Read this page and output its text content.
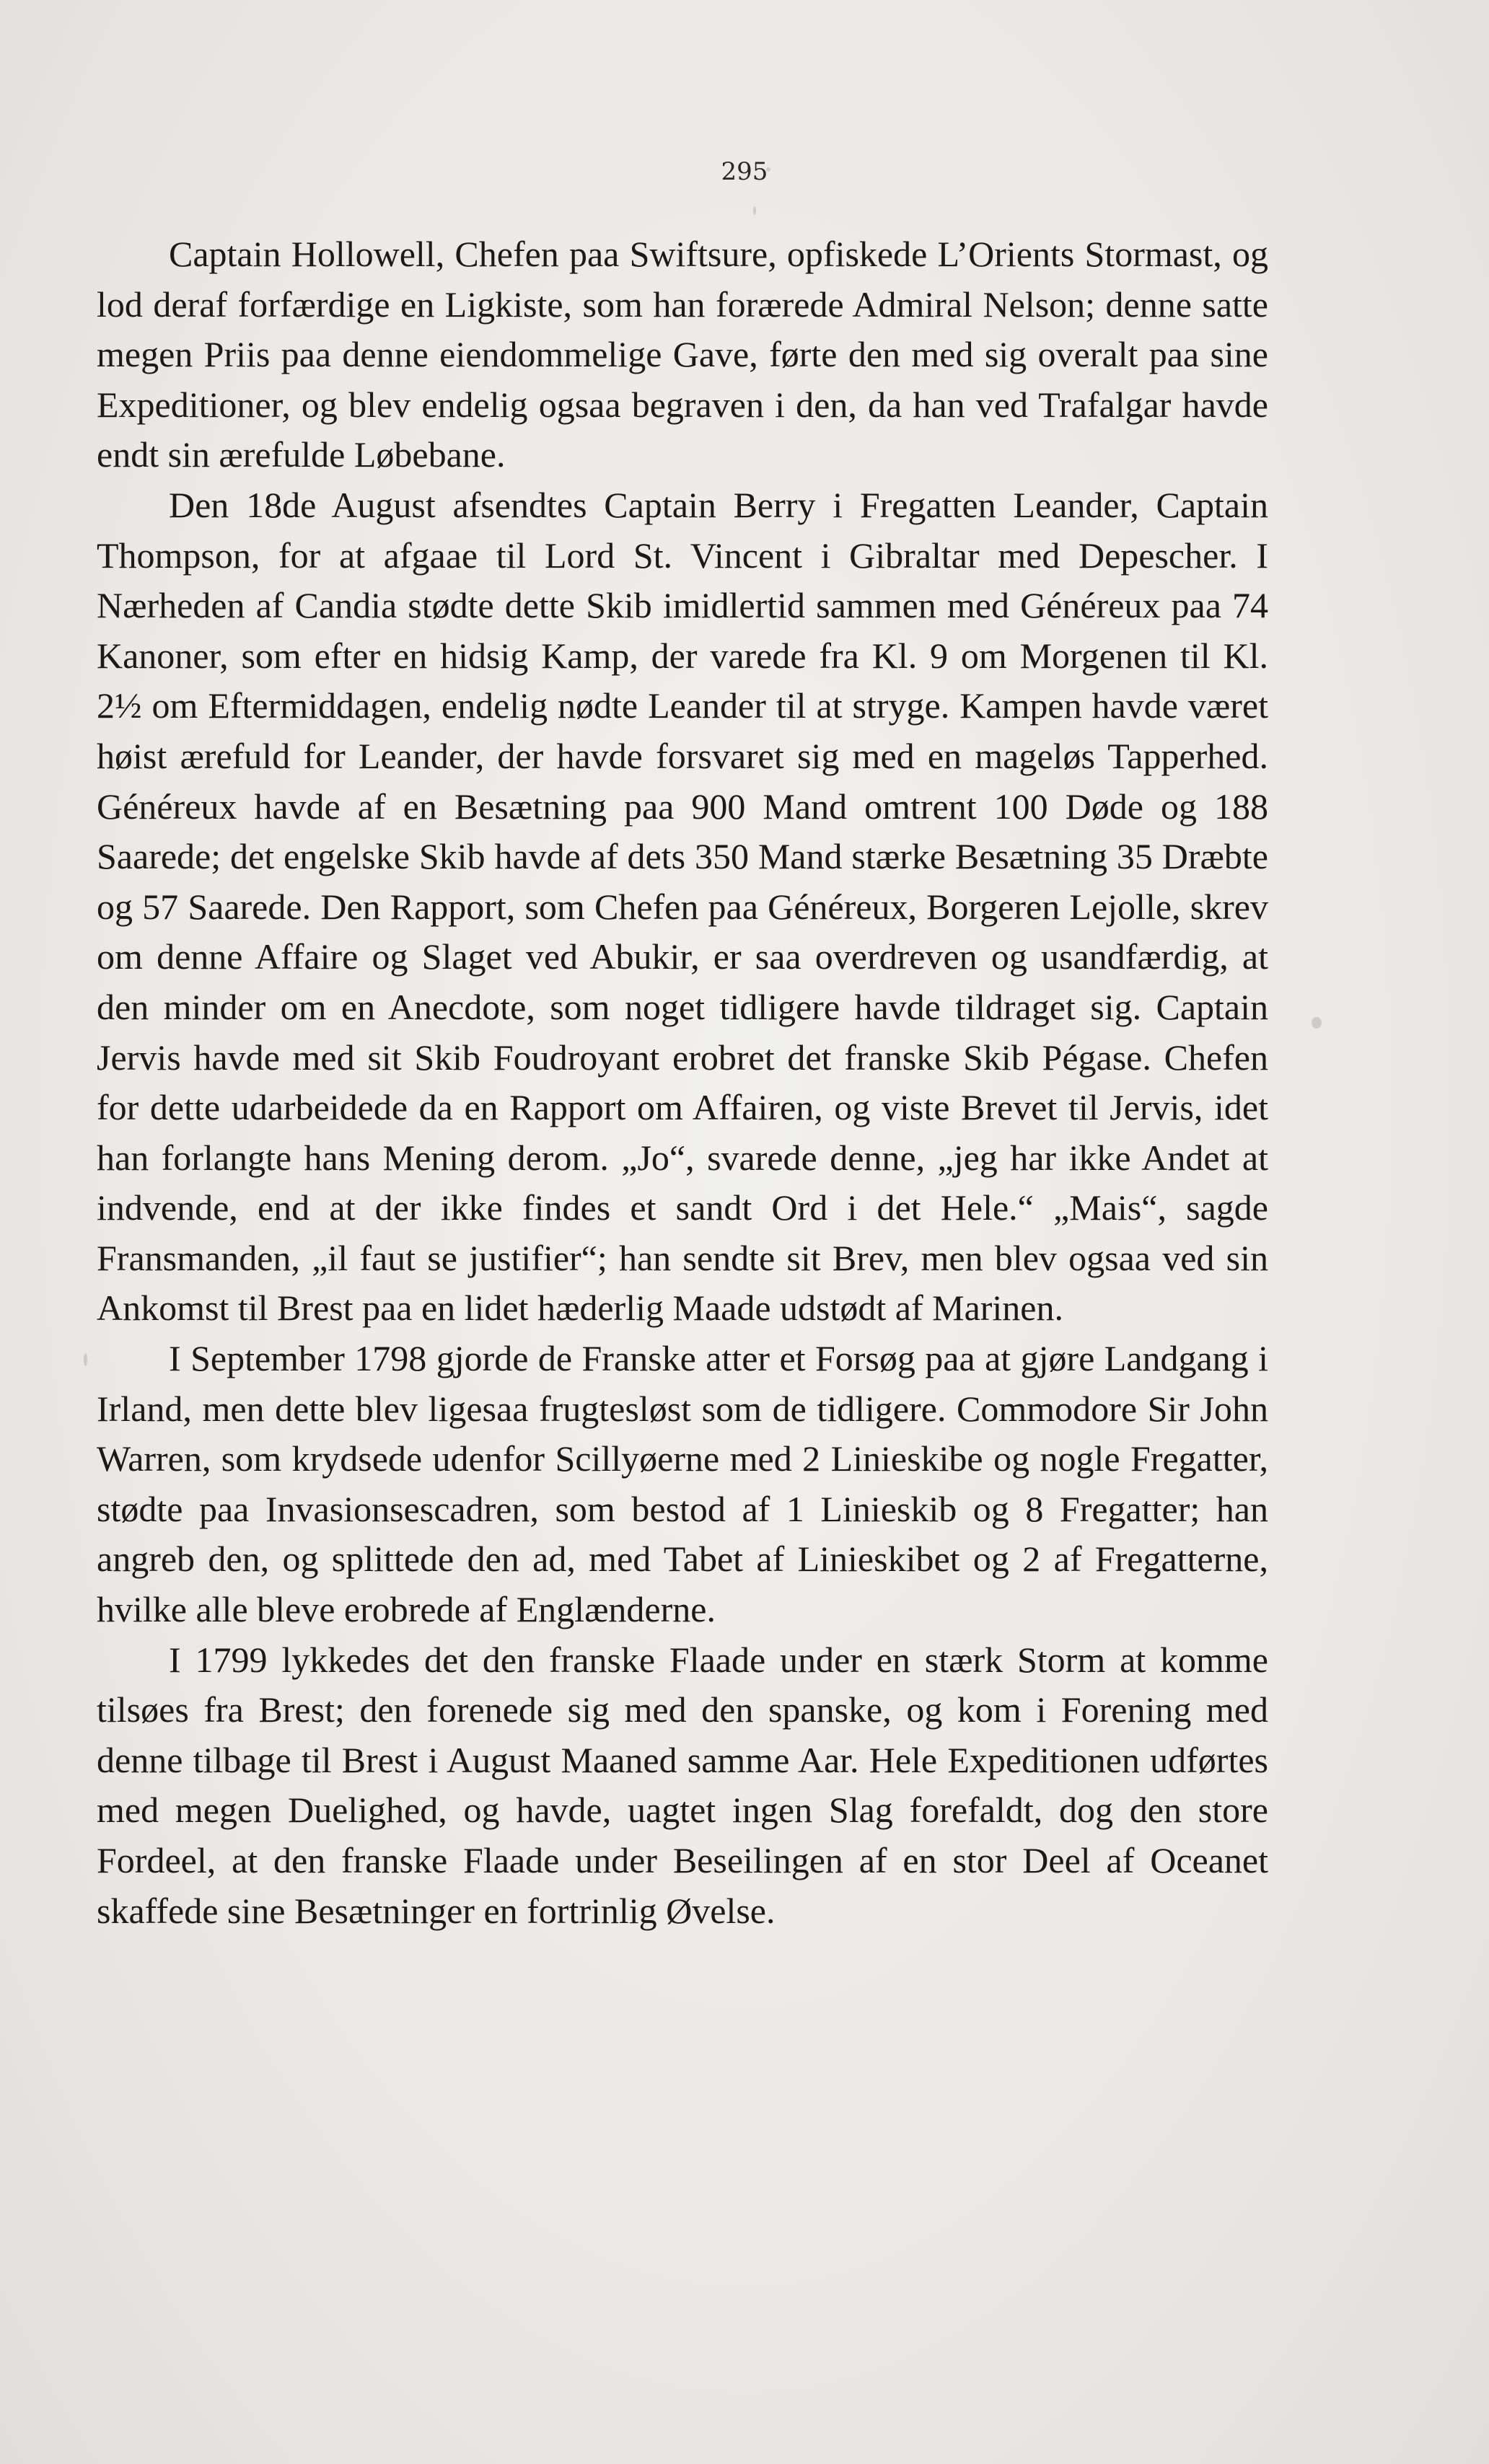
295

Captain Hollowell, Chefen paa Swiftsure, opfiskede L’Orients Stormast, og lod deraf forfærdige en Ligkiste, som han forærede Admiral Nelson; denne satte megen Priis paa denne eiendommelige Gave, førte den med sig overalt paa sine Expeditioner, og blev endelig ogsaa begraven i den, da han ved Trafalgar havde endt sin ærefulde Løbebane.

Den 18de August afsendtes Captain Berry i Fregatten Leander, Captain Thompson, for at afgaae til Lord St. Vincent i Gibraltar med Depescher. I Nærheden af Candia stødte dette Skib imidlertid sammen med Généreux paa 74 Kanoner, som efter en hidsig Kamp, der varede fra Kl. 9 om Morgenen til Kl. 2½ om Eftermiddagen, endelig nødte Leander til at stryge. Kampen havde været høist ærefuld for Leander, der havde forsvaret sig med en mageløs Tapperhed. Généreux havde af en Besætning paa 900 Mand omtrent 100 Døde og 188 Saarede; det engelske Skib havde af dets 350 Mand stærke Besætning 35 Dræbte og 57 Saarede. Den Rapport, som Chefen paa Généreux, Borgeren Lejolle, skrev om denne Affaire og Slaget ved Abukir, er saa overdreven og usandfærdig, at den minder om en Anecdote, som noget tidligere havde tildraget sig. Captain Jervis havde med sit Skib Foudroyant erobret det franske Skib Pégase. Chefen for dette udarbeidede da en Rapport om Affairen, og viste Brevet til Jervis, idet han forlangte hans Mening derom. „Jo“, svarede denne, „jeg har ikke Andet at indvende, end at der ikke findes et sandt Ord i det Hele.“ „Mais“, sagde Fransmanden, „il faut se justifier“; han sendte sit Brev, men blev ogsaa ved sin Ankomst til Brest paa en lidet hæderlig Maade udstødt af Marinen.

I September 1798 gjorde de Franske atter et Forsøg paa at gjøre Landgang i Irland, men dette blev ligesaa frugtesløst som de tidligere. Commodore Sir John Warren, som krydsede udenfor Scillyøerne med 2 Linieskibe og nogle Fregatter, stødte paa Invasionsescadren, som bestod af 1 Linieskib og 8 Fregatter; han angreb den, og splittede den ad, med Tabet af Linieskibet og 2 af Fregatterne, hvilke alle bleve erobrede af Englænderne.

I 1799 lykkedes det den franske Flaade under en stærk Storm at komme tilsøes fra Brest; den forenede sig med den spanske, og kom i Forening med denne tilbage til Brest i August Maaned samme Aar. Hele Expeditionen udførtes med megen Duelighed, og havde, uagtet ingen Slag forefaldt, dog den store Fordeel, at den franske Flaade under Beseilingen af en stor Deel af Oceanet skaffede sine Besætninger en fortrinlig Øvelse.
